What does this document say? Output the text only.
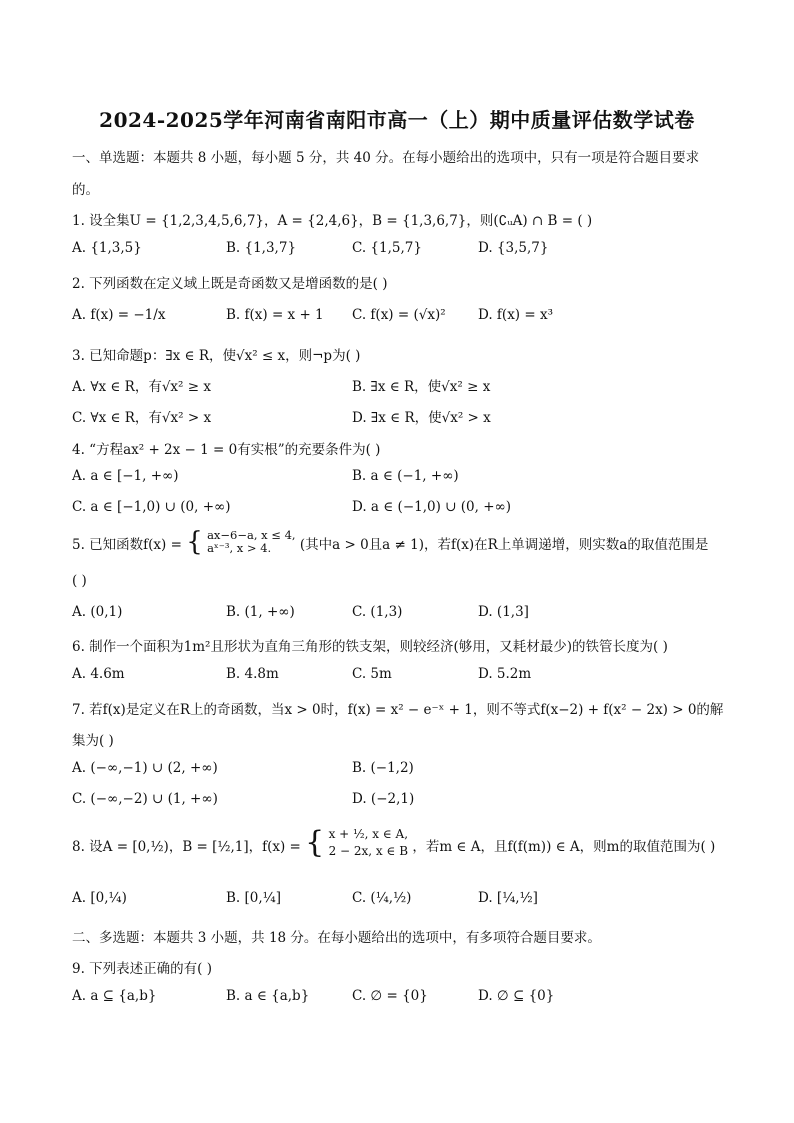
2024-2025学年河南省南阳市高一（上）期中质量评估数学试卷
一、单选题：本题共 8 小题，每小题 5 分，共 40 分。在每小题给出的选项中，只有一项是符合题目要求
的。
1. 设全集U = {1,2,3,4,5,6,7}，A = {2,4,6}，B = {1,3,6,7}，则(∁ᵤA) ∩ B = ( )
A. {1,3,5}	B. {1,3,7}	C. {1,5,7}	D. {3,5,7}
2. 下列函数在定义域上既是奇函数又是增函数的是( )
A. f(x) = −1/x	B. f(x) = x + 1 C. f(x) = (√x)² D. f(x) = x³
3. 已知命题p：∃x ∈ R，使√x² ≤ x，则¬p为( )
A. ∀x ∈ R，有√x² ≥ x	B. ∃x ∈ R，使√x² ≥ x
C. ∀x ∈ R，有√x² > x	D. ∃x ∈ R，使√x² > x
4. “方程ax² + 2x − 1 = 0有实根”的充要条件为( )
A. a ∈ [−1, +∞)	B. a ∈ (−1, +∞)
C. a ∈ [−1,0) ∪ (0, +∞)	D. a ∈ (−1,0) ∪ (0, +∞)
5. 已知函数f(x) = { ax−6−a, x ≤ 4,
aˣ⁻³, x > 4. (其中a > 0且a ≠ 1)，若f(x)在R上单调递增，则实数a的取值范围是
( )
A. (0,1)	B. (1, +∞)	C. (1,3)	D. (1,3]
6. 制作一个面积为1m²且形状为直角三角形的铁支架，则较经济(够用，又耗材最少)的铁管长度为( )
A. 4.6m	B. 4.8m	C. 5m	D. 5.2m
7. 若f(x)是定义在R上的奇函数，当x > 0时，f(x) = x² − e⁻ˣ + 1，则不等式f(x−2) + f(x² − 2x) > 0的解
集为( )
A. (−∞,−1) ∪ (2, +∞)	B. (−1,2)
C. (−∞,−2) ∪ (1, +∞)	D. (−2,1)
8. 设A = [0,½)，B = [½,1]，f(x) = { x + ½, x ∈ A,
2 − 2x, x ∈ B ，若m ∈ A，且f(f(m)) ∈ A，则m的取值范围为( )
A. [0,¼)	B. [0,¼]	C. (¼,½)	D. [¼,½]
二、多选题：本题共 3 小题，共 18 分。在每小题给出的选项中，有多项符合题目要求。
9. 下列表述正确的有( )
A. a ⊆ {a,b}	B. a ∈ {a,b}	C. ∅ = {0}	D. ∅ ⊆ {0}
